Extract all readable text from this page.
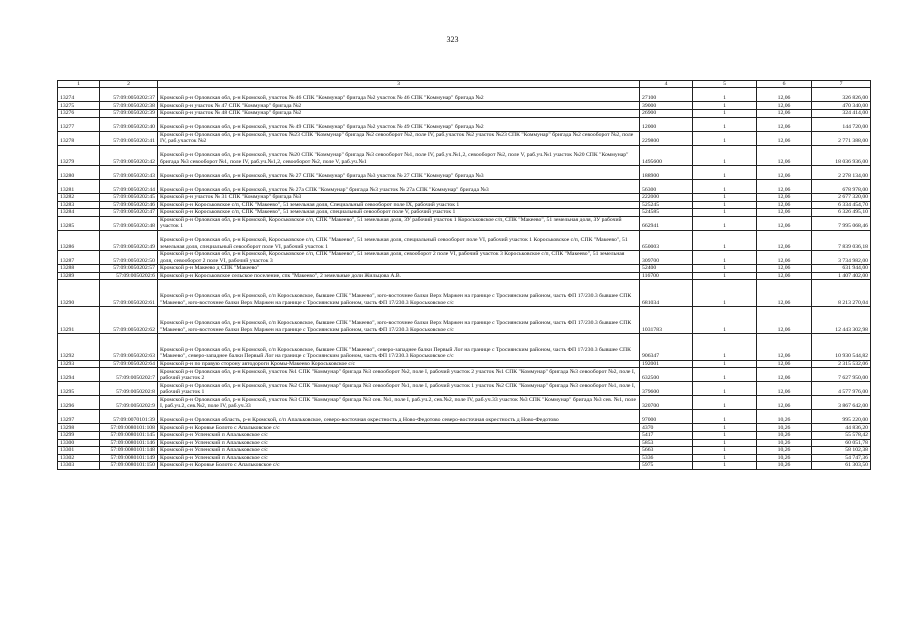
323
1	2	3	4	5	6	7
13274	57:09:0050202:37	Кромской р-н Орловская обл, р-н Кромской, участок № 46 СПК "Коммунар" бригада №2 участок № 46 СПК "Коммунар" бригада №2	27100	1	12,06	326 826,00
13275	57:09:0050202:38	Кромской р-н участок № 47 СПК "Коммунар" бригада №2	39000	1	12,06	470 340,00
13276	57:09:0050202:39	Кромской р-н участок № 48 СПК "Коммунар" бригада №2	26900	1	12,06	324 414,00
13277	57:09:0050202:40	Кромской р-н Орловская обл, р-н Кромской, участок № 49 СПК "Коммунар" бригада №2 участок № 49 СПК "Коммунар" бригада №2	12000	1	12,06	144 720,00
13278	57:09:0050202:41	Кромской р-н Орловская обл, р-н Кромской, участок №23 СПК "Коммунар" бригада №2 севооборот №2, поле IV, раб.участок №2 участок №23 СПК "Коммунар" бригада №2 севооборот №2, поле IV, раб.участок №2	229800	1	12,06	2 771 388,00
13279	57:09:0050202:42	Кромской р-н Орловская обл, р-н Кромской, участок №20 СПК "Коммунар" бригада №3 севооборот №1, поле IV, раб.уч.№1,2, севооборот №2, поле V, раб.уч.№1 участок №20 СПК "Коммунар" бригада №3 севооборот №1, поле IV, раб.уч.№1,2, севооборот №2, поле V, раб.уч.№1	1495600	1	12,06	18 036 936,00
13280	57:09:0050202:43	Кромской р-н Орловская обл, р-н Кромской, участок № 27 СПК "Коммунар" бригада №3 участок № 27 СПК "Коммунар" бригада №3	188900	1	12,06	2 278 134,00
13281	57:09:0050202:44	Кромской р-н Орловская обл, р-н Кромской, участок № 27а СПК "Коммунар" бригада №3 участок № 27а СПК "Коммунар" бригада №3	56300	1	12,06	678 978,00
13282	57:09:0050202:45	Кромской р-н участок № 31 СПК "Коммунар" бригада №3	222000	1	12,06	2 677 320,00
13283	57:09:0050202:46	Кромской р-н Короськовское с/п, СПК "Макеево", 51 земельная доля, Специальный севооборот поле IX, рабочий участок 1	525245	1	12,06	6 334 454,70
13284	57:09:0050202:47	Кромской р-н Короськовское с/п, СПК "Макеево", 51 земельная доля, специальный севооборот поле V, рабочий участок 1	524585	1	12,06	6 326 495,10
13285	57:09:0050202:48	Кромской р-н Орловская обл, р-н Кромской, Короськовское с/п, СПК "Макеево", 51 земельная доля, ЗУ рабочий участок 1 Короськовское с/п, СПК "Макеево", 51 земельная доля, ЗУ рабочий участок 1	662941	1	12,06	7 995 068,46
13286	57:09:0050202:49	Кромской р-н Орловская обл, р-н Кромской, Короськовское с/п, СПК "Макеево", 51 земельная доля, специальный севооборот поле VI, рабочий участок 1 Короськовское с/п, СПК "Макеево", 51 земельная доля, специальный севооборот поле VI, рабочий участок 1	650003	1	12,06	7 839 036,18
13287	57:09:0050202:50	Кромской р-н Орловская обл, р-н Кромской, Короськовское с/п, СПК "Макеево", 51 земельная доля, севооборот 2 поле VI, рабочий участок 3 Короськовское с/п, СПК "Макеево", 51 земельная доля, севооборот 2 поле VI, рабочий участок 3	309700	1	12,06	3 734 982,00
13288	57:09:0050202:57	Кромской р-н Макеево д СПК "Макеево"	52400	1	12,06	631 944,00
13289	57:09:0050202:6	Кромской р-н Короськовское сельское поселение, спк "Макеево", 2 земельные доли Жильцова А.В.	116700	1	12,06	1 407 402,00
13290	57:09:0050202:61	Кромской р-н Орловская обл, р-н Кромской, с/п Короськовское, бывшее СПК "Макеево", юго-восточнее балки Верх Маржен на границе с Тросиянским районом, часть ФП 17/230.3 бывшее СПК "Макеево", юго-восточнее балки Верх Маржен на границе с Тросиянским районом, часть ФП 17/230.3 Короськовское с/с	681034	1	12,06	8 213 270,04
13291	57:09:0050202:62	Кромской р-н Орловская обл, р-н Кромской, с/п Короськовское, бывшее СПК "Макеево", юго-восточнее балки Верх Маржен на границе с Тросиянским районом, часть ФП 17/230.3 бывшее СПК "Макеево", юго-восточнее балки Верх Маржен на границе с Тросиянским районом, часть ФП 17/230.3 Короськовское с/с	1031783	1	12,06	12 443 302,98
13292	57:09:0050202:63	Кромской р-н Орловская обл, р-н Кромской, с/п Короськовское, бывшее СПК "Макеево", северо-западнее балки Первый Лог на границе с Тросиянским районом, часть ФП 17/230.3 бывшее СПК "Макеево", северо-западнее балки Первый Лог на границе с Тросиянским районом, часть ФП 17/230.3 Короськовское с/с	906347	1	12,06	10 930 544,82
13293	57:09:0050202:64	Кромской р-н по правую сторону автодороги Кромы-Макеево Короськовское с/с	192001	1	12,06	2 315 532,06
13294	57:09:0050202:7	Кромской р-н Орловская обл, р-н Кромской, участок №1 СПК "Коммунар" бригада №3 севооборот №2, поле I, рабочий участок 2 участок №1 СПК "Коммунар" бригада №3 севооборот №2, поле I, рабочий участок 2	632500	1	12,06	7 627 950,00
13295	57:09:0050202:8	Кромской р-н Орловская обл, р-н Кромской, участок №2 СПК "Коммунар" бригада №3 севооборот №1, поле I, рабочий участок 1 участок №2 СПК "Коммунар" бригада №3 севооборот №1, поле I, рабочий участок 1	379600	1	12,06	4 577 976,00
13296	57:09:0050202:9	Кромской р-н Орловская обл, р-н Кромской, участок №3 СПК "Коммунар" бригада №3 сев. №1, поле I, раб.уч.2, сев.№2, поле IV, раб.уч.33 участок №3 СПК "Коммунар" бригада №3 сев. №1, поле I, раб.уч.2, сев.№2, поле IV, раб.уч.33	320700	1	12,06	3 867 642,00
13297	57:09:0070101:39	Кромской р-н Орловская область, р-н Кромской, с/п Апальковское, северо-восточная окрестность д Ново-Федотово северо-восточная окрестность д Ново-Федотово	97000	1	10,26	995 220,00
13298	57:09:0080101:108	Кромской р-н Коровье Болото с Апальковское с/с	4370	1	10,26	44 836,20
13299	57:09:0080101:145	Кромской р-н Успенский п Апальковское с/с	5417	1	10,26	55 578,42
13300	57:09:0080101:146	Кромской р-н Успенский п Апальковское с/с	5853	1	10,26	60 051,78
13301	57:09:0080101:148	Кромской р-н Успенский п Апальковское с/с	5663	1	10,26	58 102,38
13302	57:09:0080101:149	Кромской р-н Успенский п Апальковское с/с	5336	1	10,26	54 747,36
13303	57:09:0080101:150	Кромской р-н Коровье Болото с Апальковское с/с	5975	1	10,26	61 303,50
